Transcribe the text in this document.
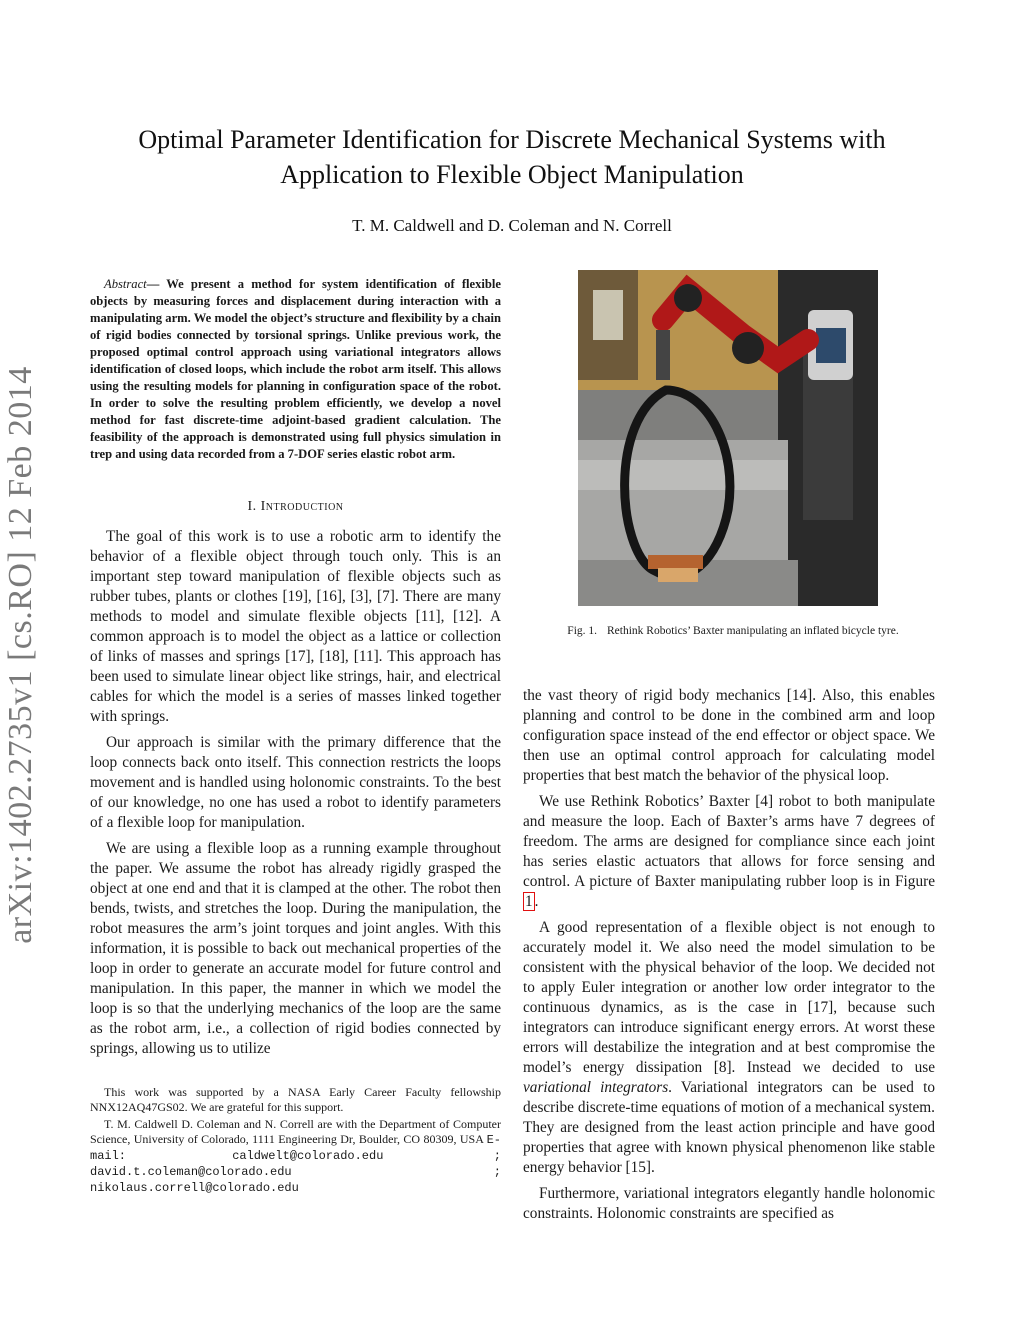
arXiv:1402.2735v1 [cs.RO] 12 Feb 2014
Optimal Parameter Identification for Discrete Mechanical Systems with
Application to Flexible Object Manipulation
T. M. Caldwell and D. Coleman and N. Correll
Abstract— We present a method for system identification of flexible objects by measuring forces and displacement during interaction with a manipulating arm. We model the object’s structure and flexibility by a chain of rigid bodies connected by torsional springs. Unlike previous work, the proposed optimal control approach using variational integrators allows identification of closed loops, which include the robot arm itself. This allows using the resulting models for planning in configuration space of the robot. In order to solve the resulting problem efficiently, we develop a novel method for fast discrete-time adjoint-based gradient calculation. The feasibility of the approach is demonstrated using full physics simulation in trep and using data recorded from a 7-DOF series elastic robot arm.
I. Introduction

The goal of this work is to use a robotic arm to identify the behavior of a flexible object through touch only. This is an important step toward manipulation of flexible objects such as rubber tubes, plants or clothes [19], [16], [3], [7]. There are many methods to model and simulate flexible objects [11], [12]. A common approach is to model the object as a lattice or collection of links of masses and springs [17], [18], [11]. This approach has been used to simulate linear object like strings, hair, and electrical cables for which the model is a series of masses linked together with springs.

Our approach is similar with the primary difference that the loop connects back onto itself. This connection restricts the loops movement and is handled using holonomic constraints. To the best of our knowledge, no one has used a robot to identify parameters of a flexible loop for manipulation.

We are using a flexible loop as a running example throughout the paper. We assume the robot has already rigidly grasped the object at one end and that it is clamped at the other. The robot then bends, twists, and stretches the loop. During the manipulation, the robot measures the arm’s joint torques and joint angles. With this information, it is possible to back out mechanical properties of the loop in order to generate an accurate model for future control and manipulation. In this paper, the manner in which we model the loop is so that the underlying mechanics of the loop are the same as the robot arm, i.e., a collection of rigid bodies connected by springs, allowing us to utilize

This work was supported by a NASA Early Career Faculty fellowship NNX12AQ47GS02. We are grateful for this support.
T. M. Caldwell D. Coleman and N. Correll are with the Department of Computer Science, University of Colorado, 1111 Engineering Dr, Boulder, CO 80309, USA E-mail:	caldwelt@colorado.edu ; david.t.coleman@colorado.edu ; nikolaus.correll@colorado.edu
Fig. 1. Rethink Robotics’ Baxter manipulating an inflated bicycle tyre.

the vast theory of rigid body mechanics [14]. Also, this enables planning and control to be done in the combined arm and loop configuration space instead of the end effector or object space. We then use an optimal control approach for calculating model properties that best match the behavior of the physical loop.

We use Rethink Robotics’ Baxter [4] robot to both manipulate and measure the loop. Each of Baxter’s arms have 7 degrees of freedom. The arms are designed for compliance since each joint has series elastic actuators that allows for force sensing and control. A picture of Baxter manipulating rubber loop is in Figure 1 .

A good representation of a flexible object is not enough to accurately model it. We also need the model simulation to be consistent with the physical behavior of the loop. We decided not to apply Euler integration or another low order integrator to the continuous dynamics, as is the case in [17], because such integrators can introduce significant energy errors. At worst these errors will destabilize the integration and at best compromise the model’s energy dissipation [8]. Instead we decided to use variational integrators. Variational integrators can be used to describe discrete-time equations of motion of a mechanical system. They are designed from the least action principle and have good properties that agree with known physical phenomenon like stable energy behavior [15].

Furthermore, variational integrators elegantly handle holonomic constraints. Holonomic constraints are specified as
